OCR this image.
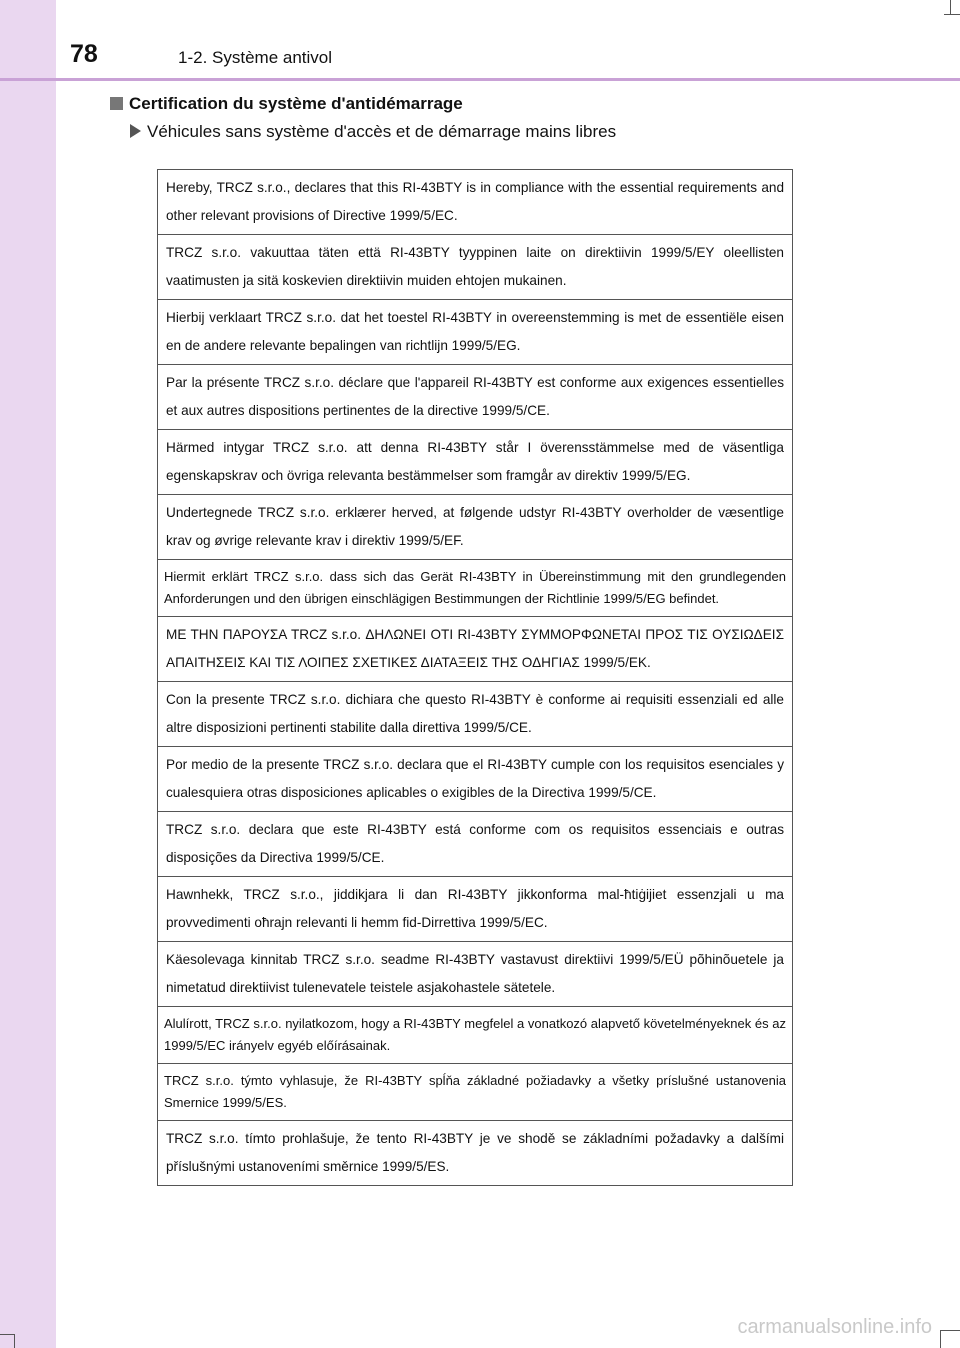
78	1-2. Système antivol
Certification du système d'antidémarrage
Véhicules sans système d'accès et de démarrage mains libres
Hereby, TRCZ s.r.o., declares that this RI-43BTY is in compliance with the essential requirements and other relevant provisions of Directive 1999/5/EC.
TRCZ s.r.o. vakuuttaa täten että RI-43BTY tyyppinen laite on direktiivin 1999/5/EY oleellisten vaatimusten ja sitä koskevien direktiivin muiden ehtojen mukainen.
Hierbij verklaart TRCZ s.r.o. dat het toestel RI-43BTY in overeenstemming is met de essentiële eisen en de andere relevante bepalingen van richtlijn 1999/5/EG.
Par la présente TRCZ s.r.o. déclare que l'appareil RI-43BTY est conforme aux exigences essentielles et aux autres dispositions pertinentes de la directive 1999/5/CE.
Härmed intygar TRCZ s.r.o. att denna RI-43BTY står I överensstämmelse med de väsentliga egenskapskrav och övriga relevanta bestämmelser som framgår av direktiv 1999/5/EG.
Undertegnede TRCZ s.r.o. erklærer herved, at følgende udstyr RI-43BTY overholder de væsentlige krav og øvrige relevante krav i direktiv 1999/5/EF.
Hiermit erklärt TRCZ s.r.o. dass sich das Gerät RI-43BTY in Übereinstimmung mit den grundlegenden Anforderungen und den übrigen einschlägigen Bestimmungen der Richtlinie 1999/5/EG befindet.
ΜΕ ΤΗΝ ΠΑΡΟΥΣΑ TRCZ s.r.o. ΔΗΛΩΝΕΙ ΟΤΙ RI-43BTY ΣΥΜΜΟΡΦΩΝΕΤΑΙ ΠΡΟΣ ΤΙΣ ΟΥΣΙΩΔΕΙΣ ΑΠΑΙΤΗΣΕΙΣ ΚΑΙ ΤΙΣ ΛΟΙΠΕΣ ΣΧΕΤΙΚΕΣ ΔΙΑΤΑΞΕΙΣ ΤΗΣ ΟΔΗΓΙΑΣ 1999/5/ΕΚ.
Con la presente TRCZ s.r.o. dichiara che questo RI-43BTY è conforme ai requisiti essenziali ed alle altre disposizioni pertinenti stabilite dalla direttiva 1999/5/CE.
Por medio de la presente TRCZ s.r.o. declara que el RI-43BTY cumple con los requisitos esenciales y cualesquiera otras disposiciones aplicables o exigibles de la Directiva 1999/5/CE.
TRCZ s.r.o. declara que este RI-43BTY está conforme com os requisitos essenciais e outras disposições da Directiva 1999/5/CE.
Hawnhekk, TRCZ s.r.o., jiddikjara li dan RI-43BTY jikkonforma mal-ħtiġijiet essenzjali u ma provvedimenti oħrajn relevanti li hemm fid-Dirrettiva 1999/5/EC.
Käesolevaga kinnitab TRCZ s.r.o. seadme RI-43BTY vastavust direktiivi 1999/5/EÜ põhinõuetele ja nimetatud direktiivist tulenevatele teistele asjakohastele sätetele.
Alulírott, TRCZ s.r.o. nyilatkozom, hogy a RI-43BTY megfelel a vonatkozó alapvető követelményeknek és az 1999/5/EC irányelv egyéb előírásainak.
TRCZ s.r.o. týmto vyhlasuje, že RI-43BTY spĺňa základné požiadavky a všetky príslušné ustanovenia Smernice 1999/5/ES.
TRCZ s.r.o. tímto prohlašuje, že tento RI-43BTY je ve shodě se základními požadavky a dalšími příslušnými ustanoveními směrnice 1999/5/ES.
carmanualsonline.info
